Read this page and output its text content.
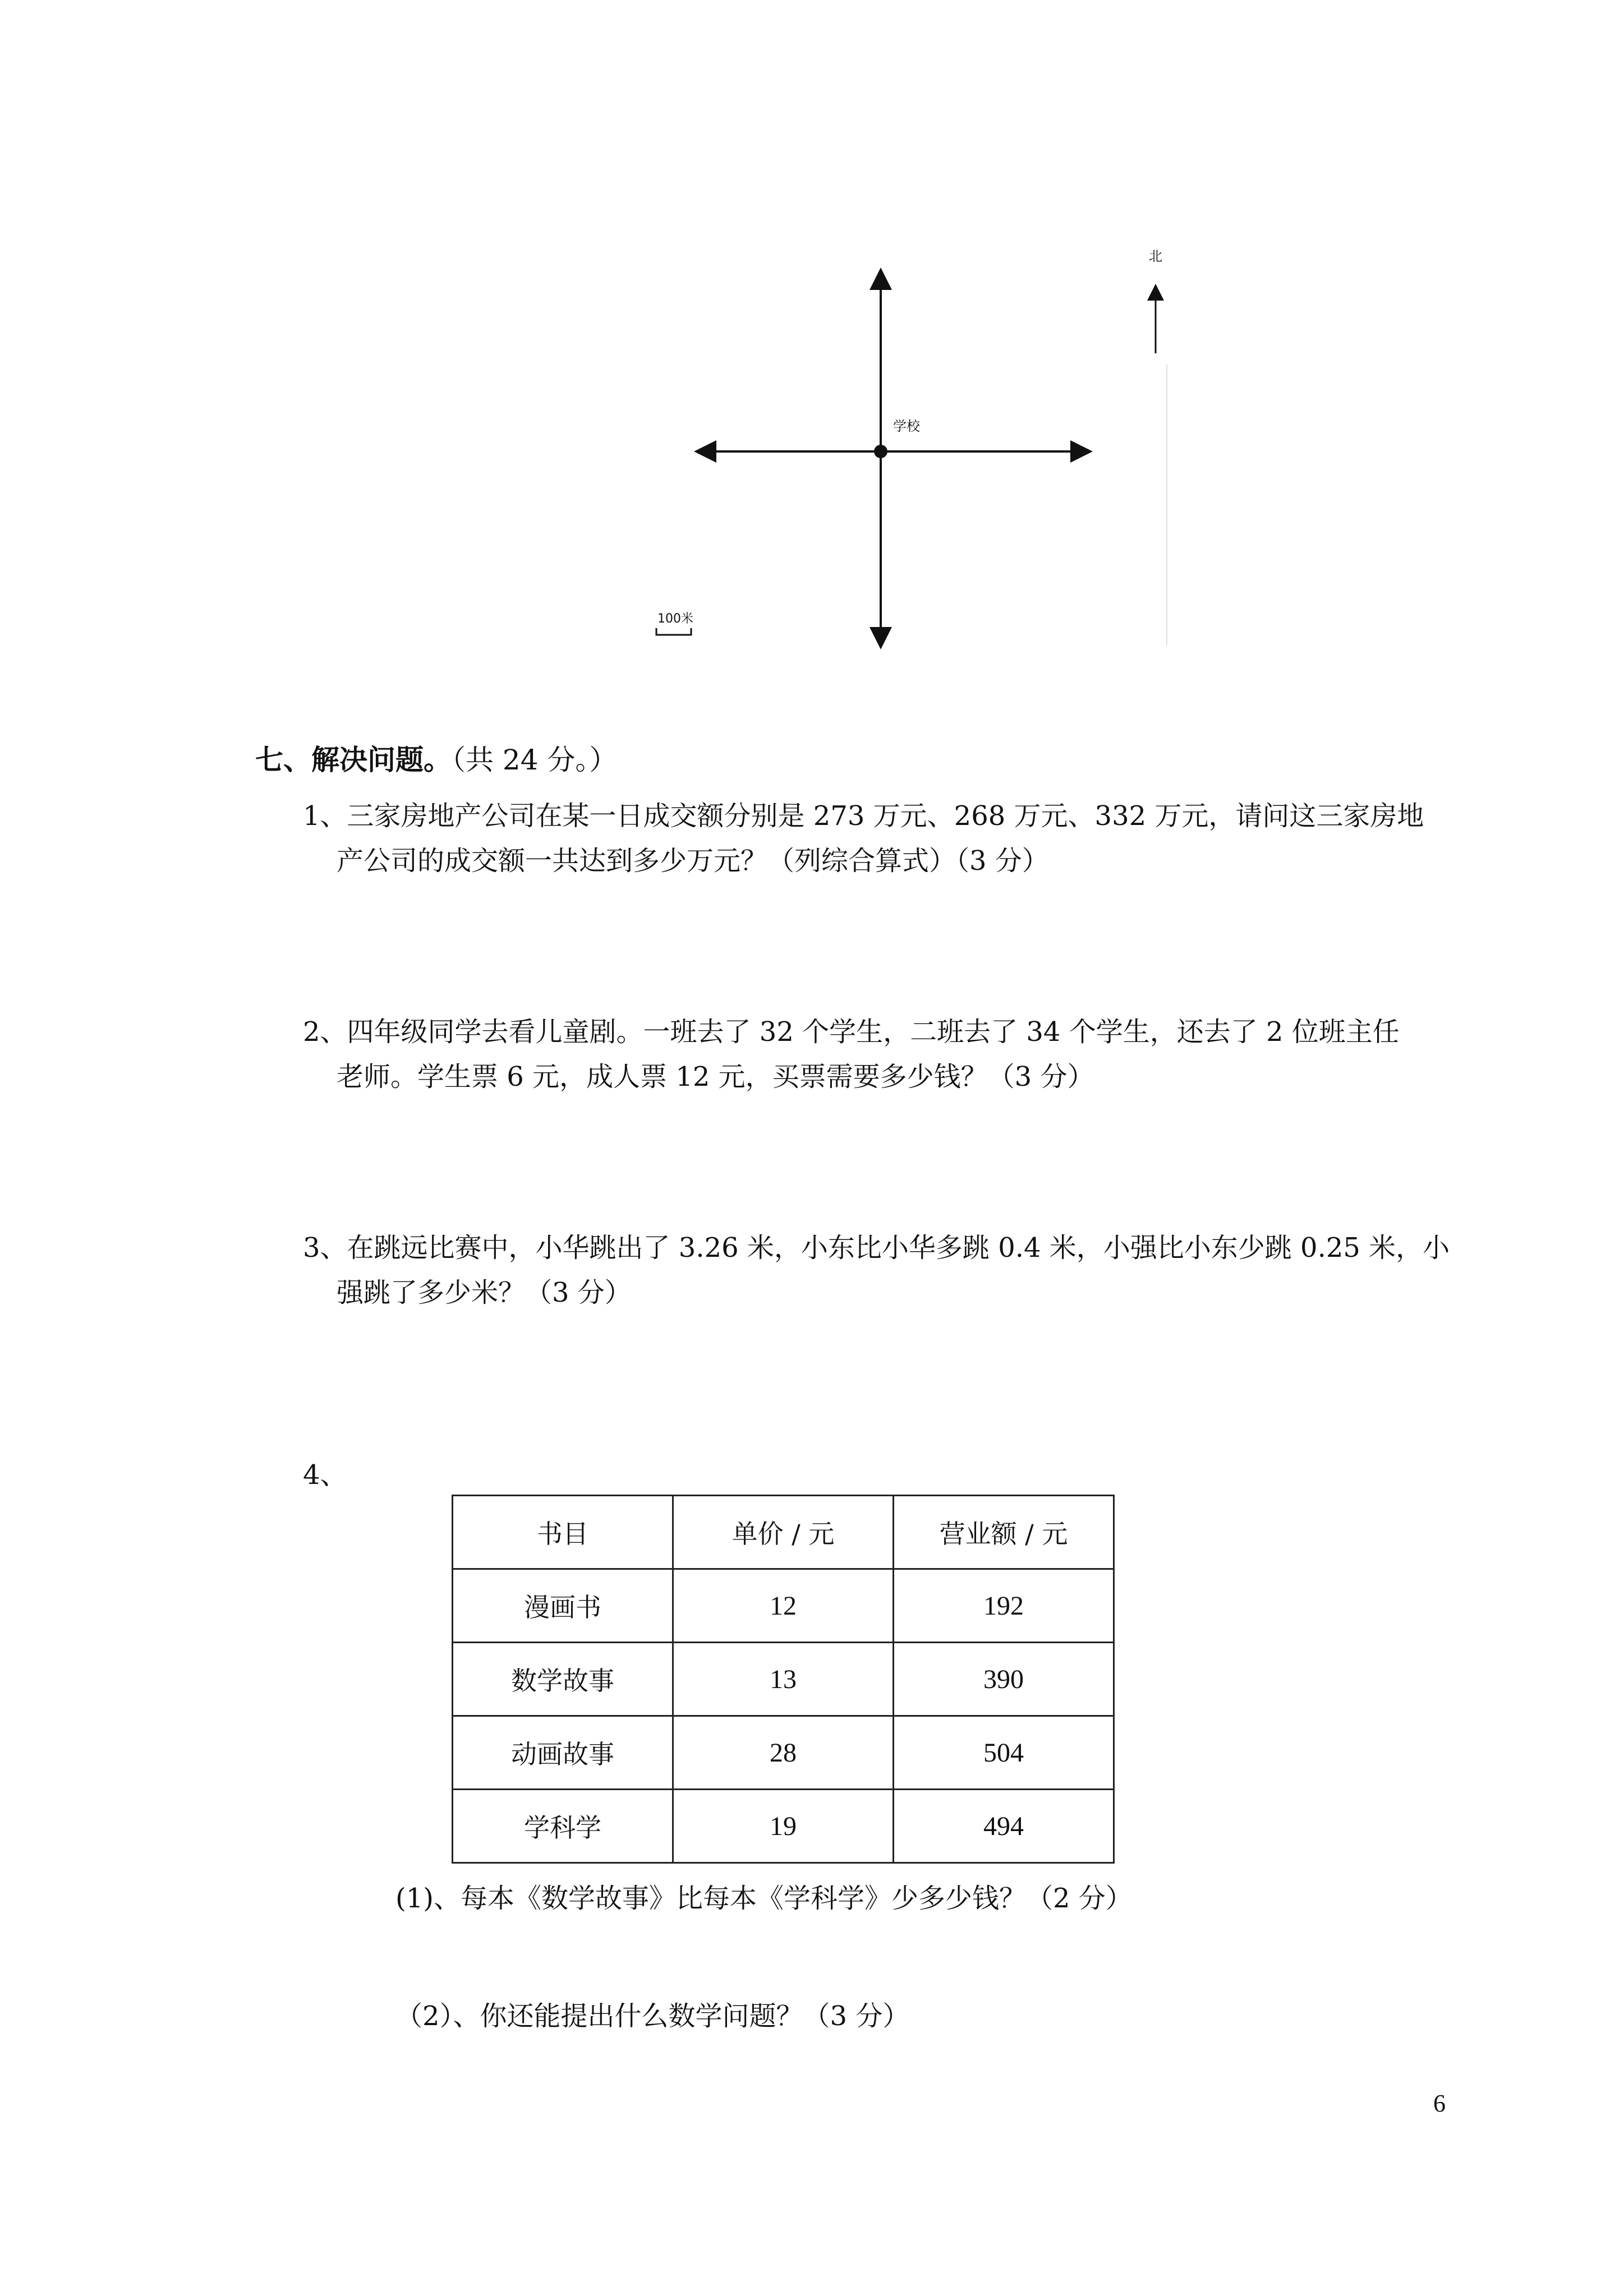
学校
北
100米
七、解决问题。（共 24 分。）
1、三家房地产公司在某一日成交额分别是 273 万元、268 万元、332 万元，请问这三家房地
产公司的成交额一共达到多少万元？（列综合算式）（3 分）
2、四年级同学去看儿童剧。一班去了 32 个学生，二班去了 34 个学生，还去了 2 位班主任
老师。学生票 6 元，成人票 12 元，买票需要多少钱？（3 分）
3、在跳远比赛中，小华跳出了 3.26 米，小东比小华多跳 0.4 米，小强比小东少跳 0.25 米，小
强跳了多少米？（3 分）
4、
书目	单价 / 元	营业额 / 元
漫画书	12	192
数学故事	13	390
动画故事	28	504
学科学	19	494
(1)、每本《数学故事》比每本《学科学》少多少钱？（2 分）
（2）、你还能提出什么数学问题？（3 分）
6
